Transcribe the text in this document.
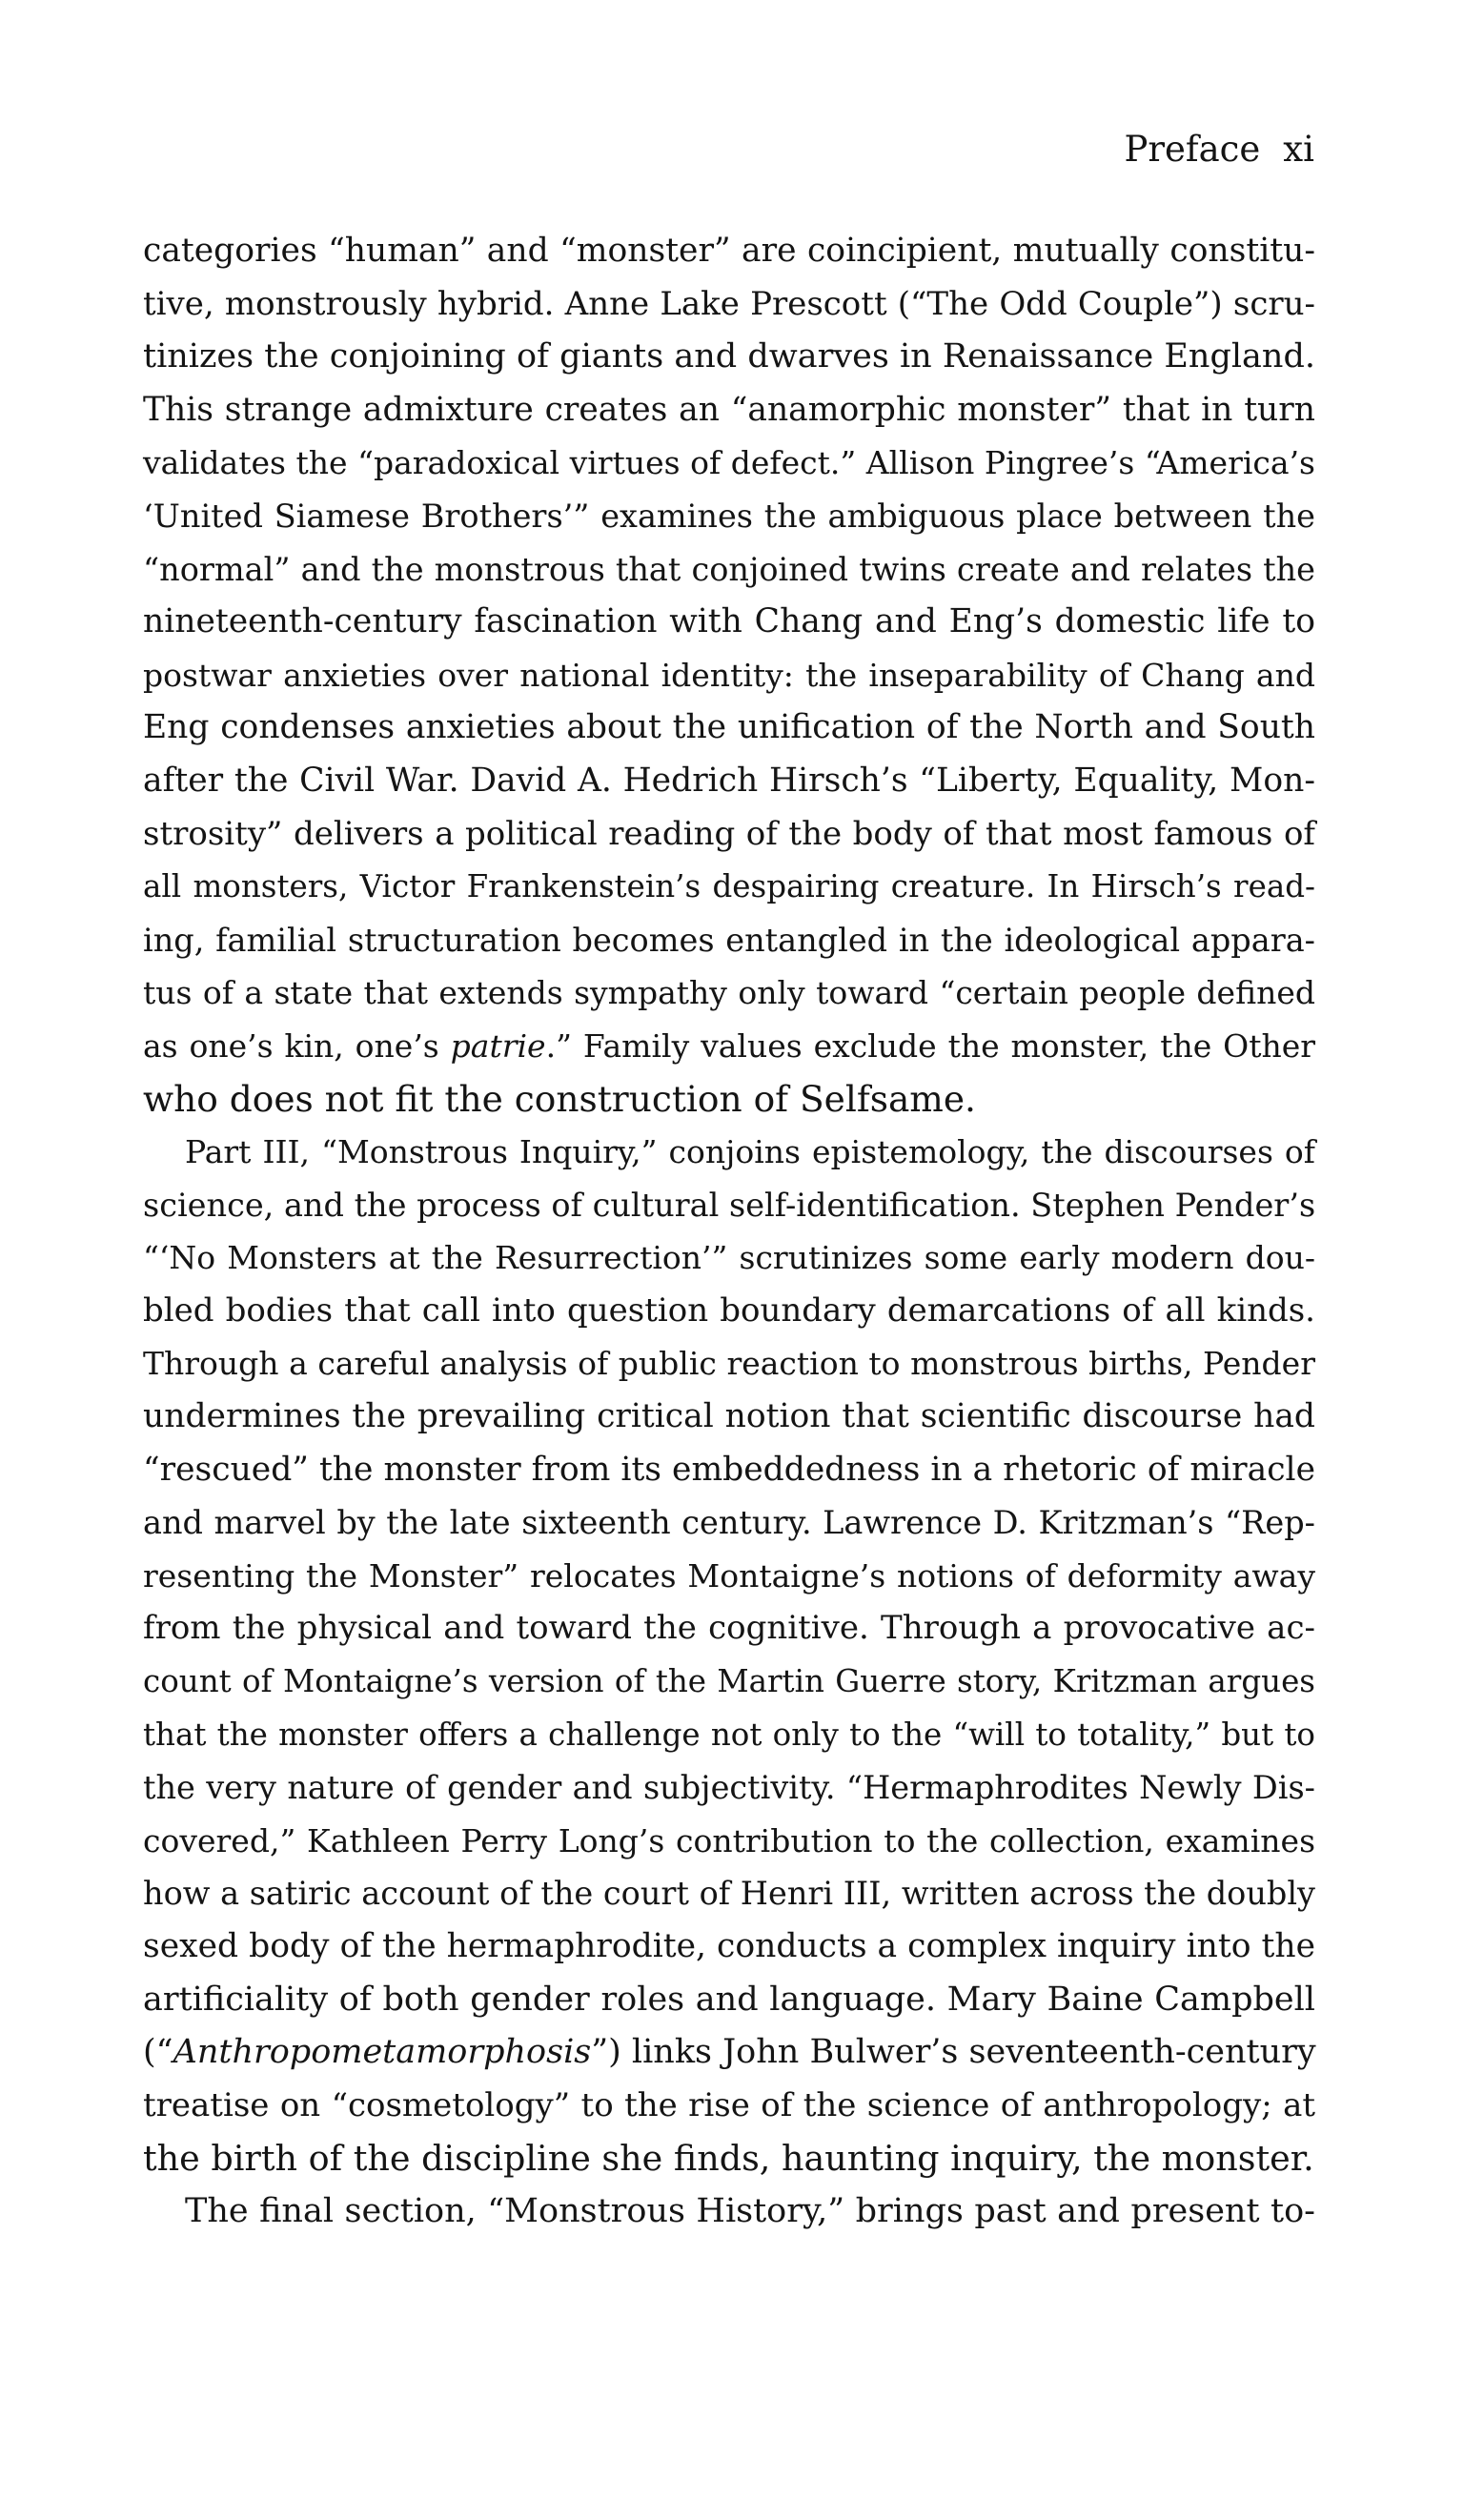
Preface xi
categories “human” and “monster” are coincipient, mutually constitu-
tive, monstrously hybrid. Anne Lake Prescott (“The Odd Couple”) scru-
tinizes the conjoining of giants and dwarves in Renaissance England.
This strange admixture creates an “anamorphic monster” that in turn
validates the “paradoxical virtues of defect.” Allison Pingree’s “America’s
‘United Siamese Brothers’” examines the ambiguous place between the
“normal” and the monstrous that conjoined twins create and relates the
nineteenth-century fascination with Chang and Eng’s domestic life to
postwar anxieties over national identity: the inseparability of Chang and
Eng condenses anxieties about the unification of the North and South
after the Civil War. David A. Hedrich Hirsch’s “Liberty, Equality, Mon-
strosity” delivers a political reading of the body of that most famous of
all monsters, Victor Frankenstein’s despairing creature. In Hirsch’s read-
ing, familial structuration becomes entangled in the ideological appara-
tus of a state that extends sympathy only toward “certain people defined
as one’s kin, one’s patrie.” Family values exclude the monster, the Other
who does not fit the construction of Selfsame.
Part III, “Monstrous Inquiry,” conjoins epistemology, the discourses of
science, and the process of cultural self-identification. Stephen Pender’s
“‘No Monsters at the Resurrection’” scrutinizes some early modern dou-
bled bodies that call into question boundary demarcations of all kinds.
Through a careful analysis of public reaction to monstrous births, Pender
undermines the prevailing critical notion that scientific discourse had
“rescued” the monster from its embeddedness in a rhetoric of miracle
and marvel by the late sixteenth century. Lawrence D. Kritzman’s “Rep-
resenting the Monster” relocates Montaigne’s notions of deformity away
from the physical and toward the cognitive. Through a provocative ac-
count of Montaigne’s version of the Martin Guerre story, Kritzman argues
that the monster offers a challenge not only to the “will to totality,” but to
the very nature of gender and subjectivity. “Hermaphrodites Newly Dis-
covered,” Kathleen Perry Long’s contribution to the collection, examines
how a satiric account of the court of Henri III, written across the doubly
sexed body of the hermaphrodite, conducts a complex inquiry into the
artificiality of both gender roles and language. Mary Baine Campbell
(“Anthropometamorphosis”) links John Bulwer’s seventeenth-century
treatise on “cosmetology” to the rise of the science of anthropology; at
the birth of the discipline she finds, haunting inquiry, the monster.
The final section, “Monstrous History,” brings past and present to-
